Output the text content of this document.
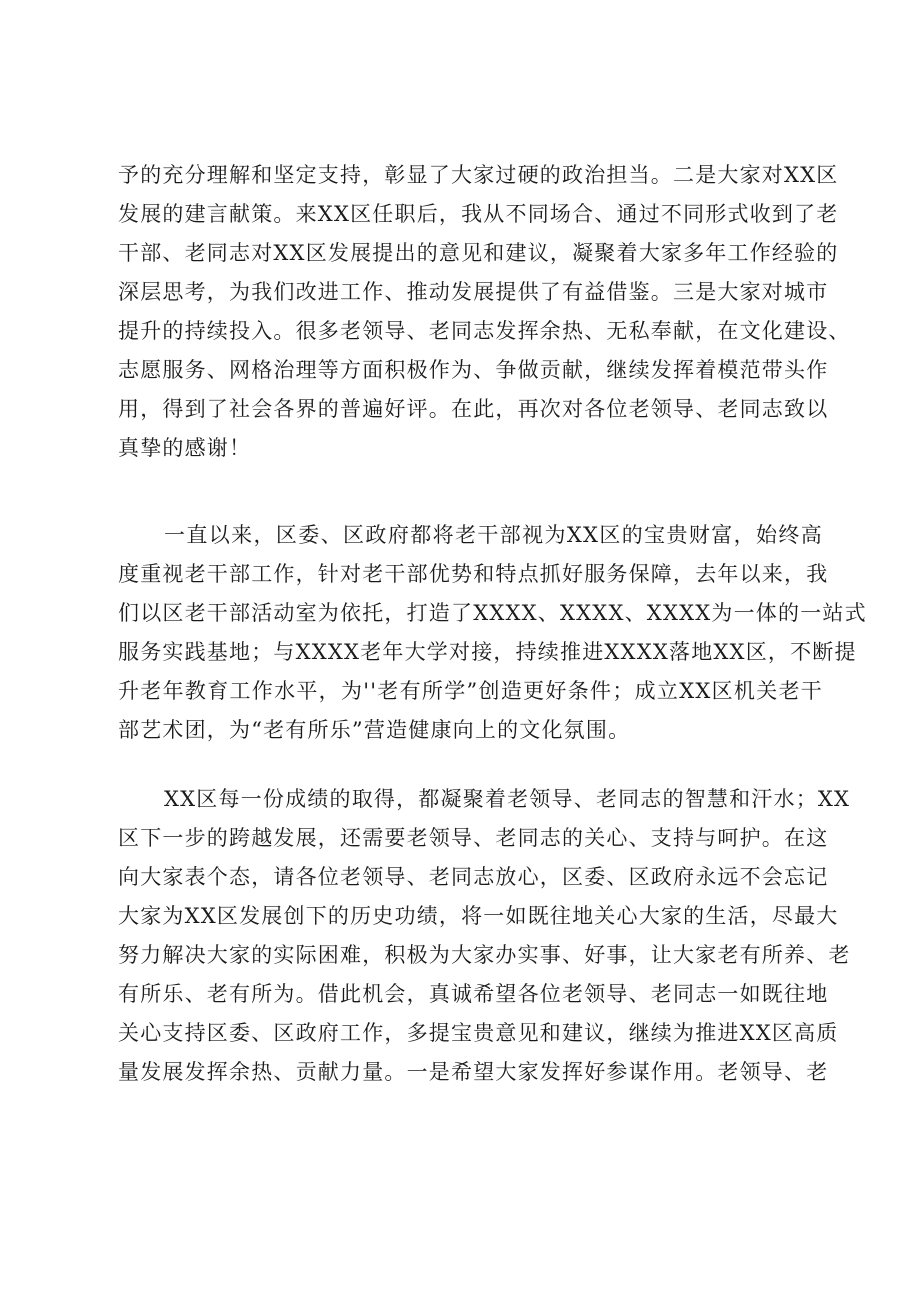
予的充分理解和坚定支持，彰显了大家过硬的政治担当。二是大家对XX区
发展的建言献策。来XX区任职后，我从不同场合、通过不同形式收到了老
干部、老同志对XX区发展提出的意见和建议，凝聚着大家多年工作经验的
深层思考，为我们改进工作、推动发展提供了有益借鉴。三是大家对城市
提升的持续投入。很多老领导、老同志发挥余热、无私奉献，在文化建设、
志愿服务、网格治理等方面积极作为、争做贡献，继续发挥着模范带头作
用，得到了社会各界的普遍好评。在此，再次对各位老领导、老同志致以
真挚的感谢！
一直以来，区委、区政府都将老干部视为XX区的宝贵财富，始终高
度重视老干部工作，针对老干部优势和特点抓好服务保障，去年以来，我
们以区老干部活动室为依托，打造了XXXX、XXXX、XXXX为一体的一站式
服务实践基地；与XXXX老年大学对接，持续推进XXXX落地XX区，不断提
升老年教育工作水平，为''老有所学”创造更好条件；成立XX区机关老干
部艺术团，为“老有所乐”营造健康向上的文化氛围。
XX区每一份成绩的取得，都凝聚着老领导、老同志的智慧和汗水；XX
区下一步的跨越发展，还需要老领导、老同志的关心、支持与呵护。在这
向大家表个态，请各位老领导、老同志放心，区委、区政府永远不会忘记
大家为XX区发展创下的历史功绩，将一如既往地关心大家的生活，尽最大
努力解决大家的实际困难，积极为大家办实事、好事，让大家老有所养、老
有所乐、老有所为。借此机会，真诚希望各位老领导、老同志一如既往地
关心支持区委、区政府工作，多提宝贵意见和建议，继续为推进XX区高质
量发展发挥余热、贡献力量。一是希望大家发挥好参谋作用。老领导、老
